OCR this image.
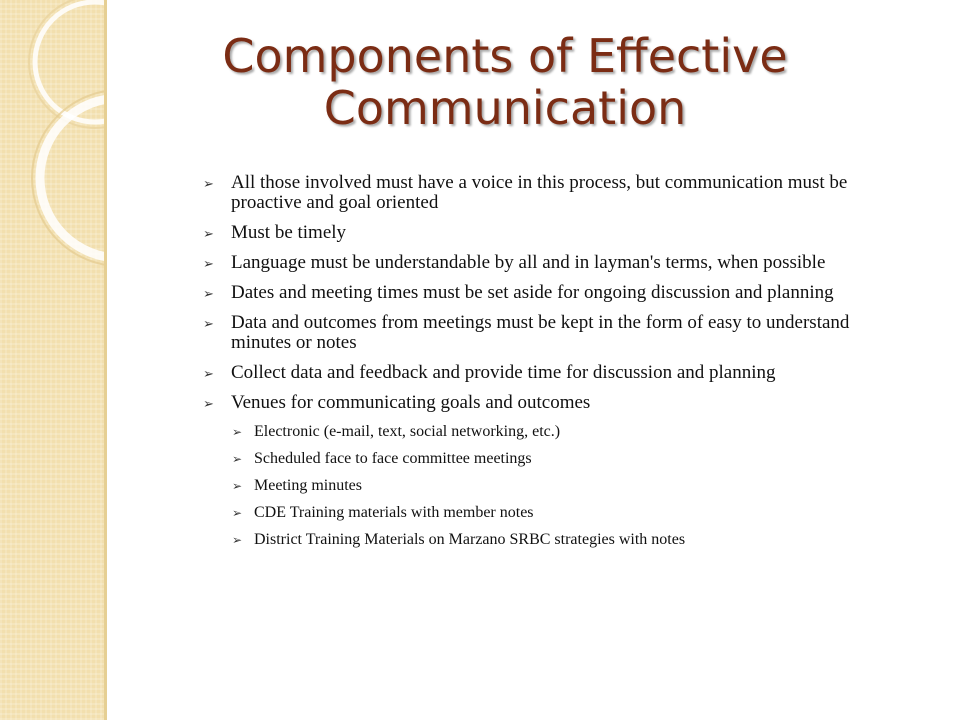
Components of Effective
Communication
➢ All those involved must have a voice in this process, but communication must be proactive and goal oriented
➢ Must be timely
➢ Language must be understandable by all and in layman's terms, when possible
➢ Dates and meeting times must be set aside for ongoing discussion and planning
➢ Data and outcomes from meetings must be kept in the form of easy to understand minutes or notes
➢ Collect data and feedback and provide time for discussion and planning
➢ Venues for communicating goals and outcomes
➢ Electronic (e-mail, text, social networking, etc.)
➢ Scheduled face to face committee meetings
➢ Meeting minutes
➢ CDE Training materials with member notes
➢ District Training Materials on Marzano SRBC strategies with notes
